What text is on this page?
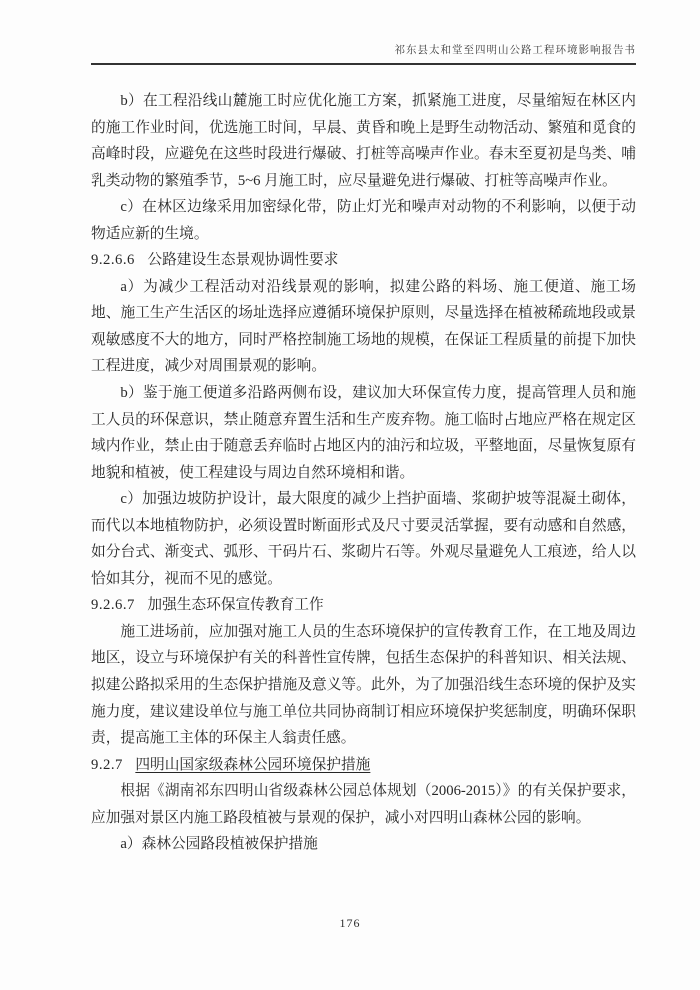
祁东县太和堂至四明山公路工程环境影响报告书

b）在工程沿线山麓施工时应优化施工方案，抓紧施工进度，尽量缩短在林区内的施工作业时间，优选施工时间，早晨、黄昏和晚上是野生动物活动、繁殖和觅食的高峰时段，应避免在这些时段进行爆破、打桩等高噪声作业。春末至夏初是鸟类、哺乳类动物的繁殖季节，5~6 月施工时，应尽量避免进行爆破、打桩等高噪声作业。

c）在林区边缘采用加密绿化带，防止灯光和噪声对动物的不利影响，以便于动物适应新的生境。

9.2.6.6 公路建设生态景观协调性要求

a）为减少工程活动对沿线景观的影响，拟建公路的料场、施工便道、施工场地、施工生产生活区的场址选择应遵循环境保护原则，尽量选择在植被稀疏地段或景观敏感度不大的地方，同时严格控制施工场地的规模，在保证工程质量的前提下加快工程进度，减少对周围景观的影响。

b）鉴于施工便道多沿路两侧布设，建议加大环保宣传力度，提高管理人员和施工人员的环保意识，禁止随意弃置生活和生产废弃物。施工临时占地应严格在规定区域内作业，禁止由于随意丢弃临时占地区内的油污和垃圾，平整地面，尽量恢复原有地貌和植被，使工程建设与周边自然环境相和谐。

c）加强边坡防护设计，最大限度的减少上挡护面墙、浆砌护坡等混凝土砌体，而代以本地植物防护，必须设置时断面形式及尺寸要灵活掌握，要有动感和自然感，如分台式、渐变式、弧形、干码片石、浆砌片石等。外观尽量避免人工痕迹，给人以恰如其分，视而不见的感觉。

9.2.6.7 加强生态环保宣传教育工作

施工进场前，应加强对施工人员的生态环境保护的宣传教育工作，在工地及周边地区，设立与环境保护有关的科普性宣传牌，包括生态保护的科普知识、相关法规、拟建公路拟采用的生态保护措施及意义等。此外，为了加强沿线生态环境的保护及实施力度，建议建设单位与施工单位共同协商制订相应环境保护奖惩制度，明确环保职责，提高施工主体的环保主人翁责任感。

9.2.7 四明山国家级森林公园环境保护措施

根据《湖南祁东四明山省级森林公园总体规划（2006-2015）》的有关保护要求，应加强对景区内施工路段植被与景观的保护，减小对四明山森林公园的影响。

a）森林公园路段植被保护措施

176
